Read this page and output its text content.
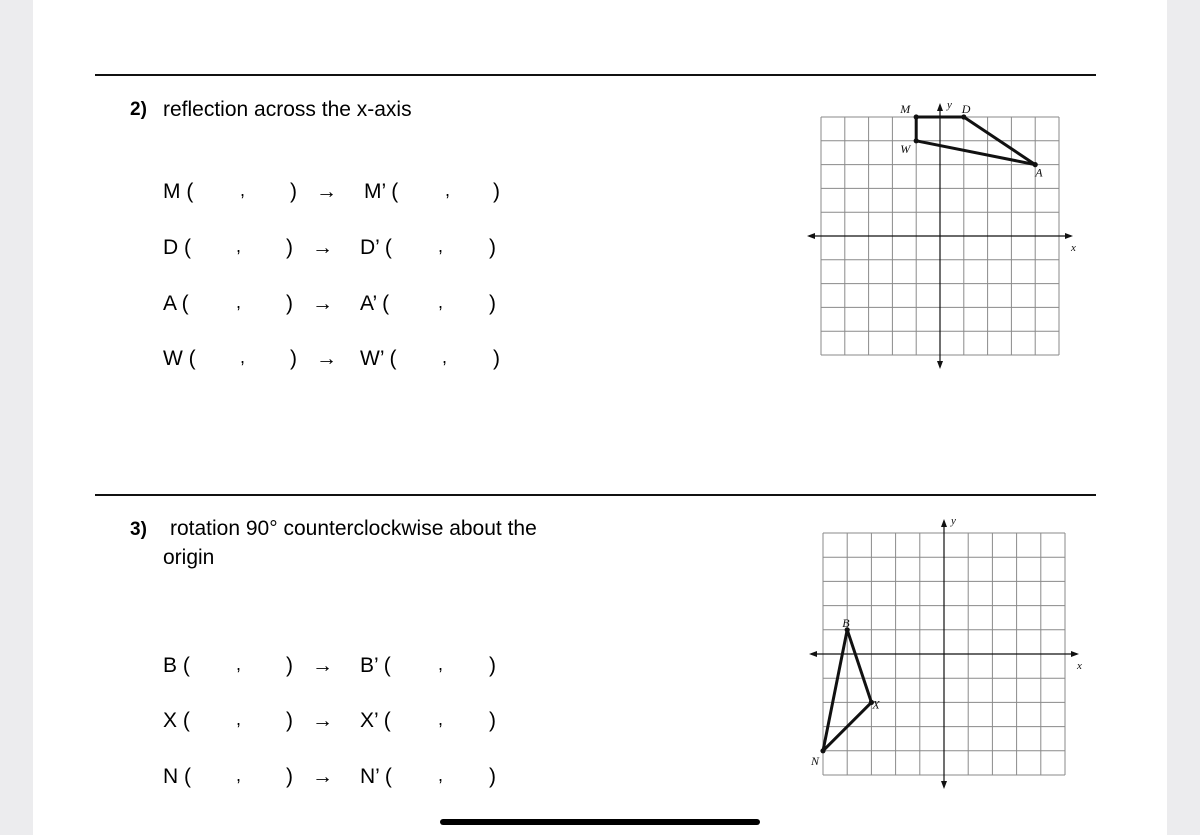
2) reflection across the x-axis
M (	, ) → M’ (	, )
D (	, ) → D’ (	, )
A (	, ) → A’ (	, )
W ( , ) → W’ (	, )
x
y
M	D
A
W
3) rotation 90° counterclockwise about the
origin
B (	, ) → B’ (	, )
X (	, ) → X’ (	, )
N (	, ) → N’ (	, )
x
y
B
X
N
